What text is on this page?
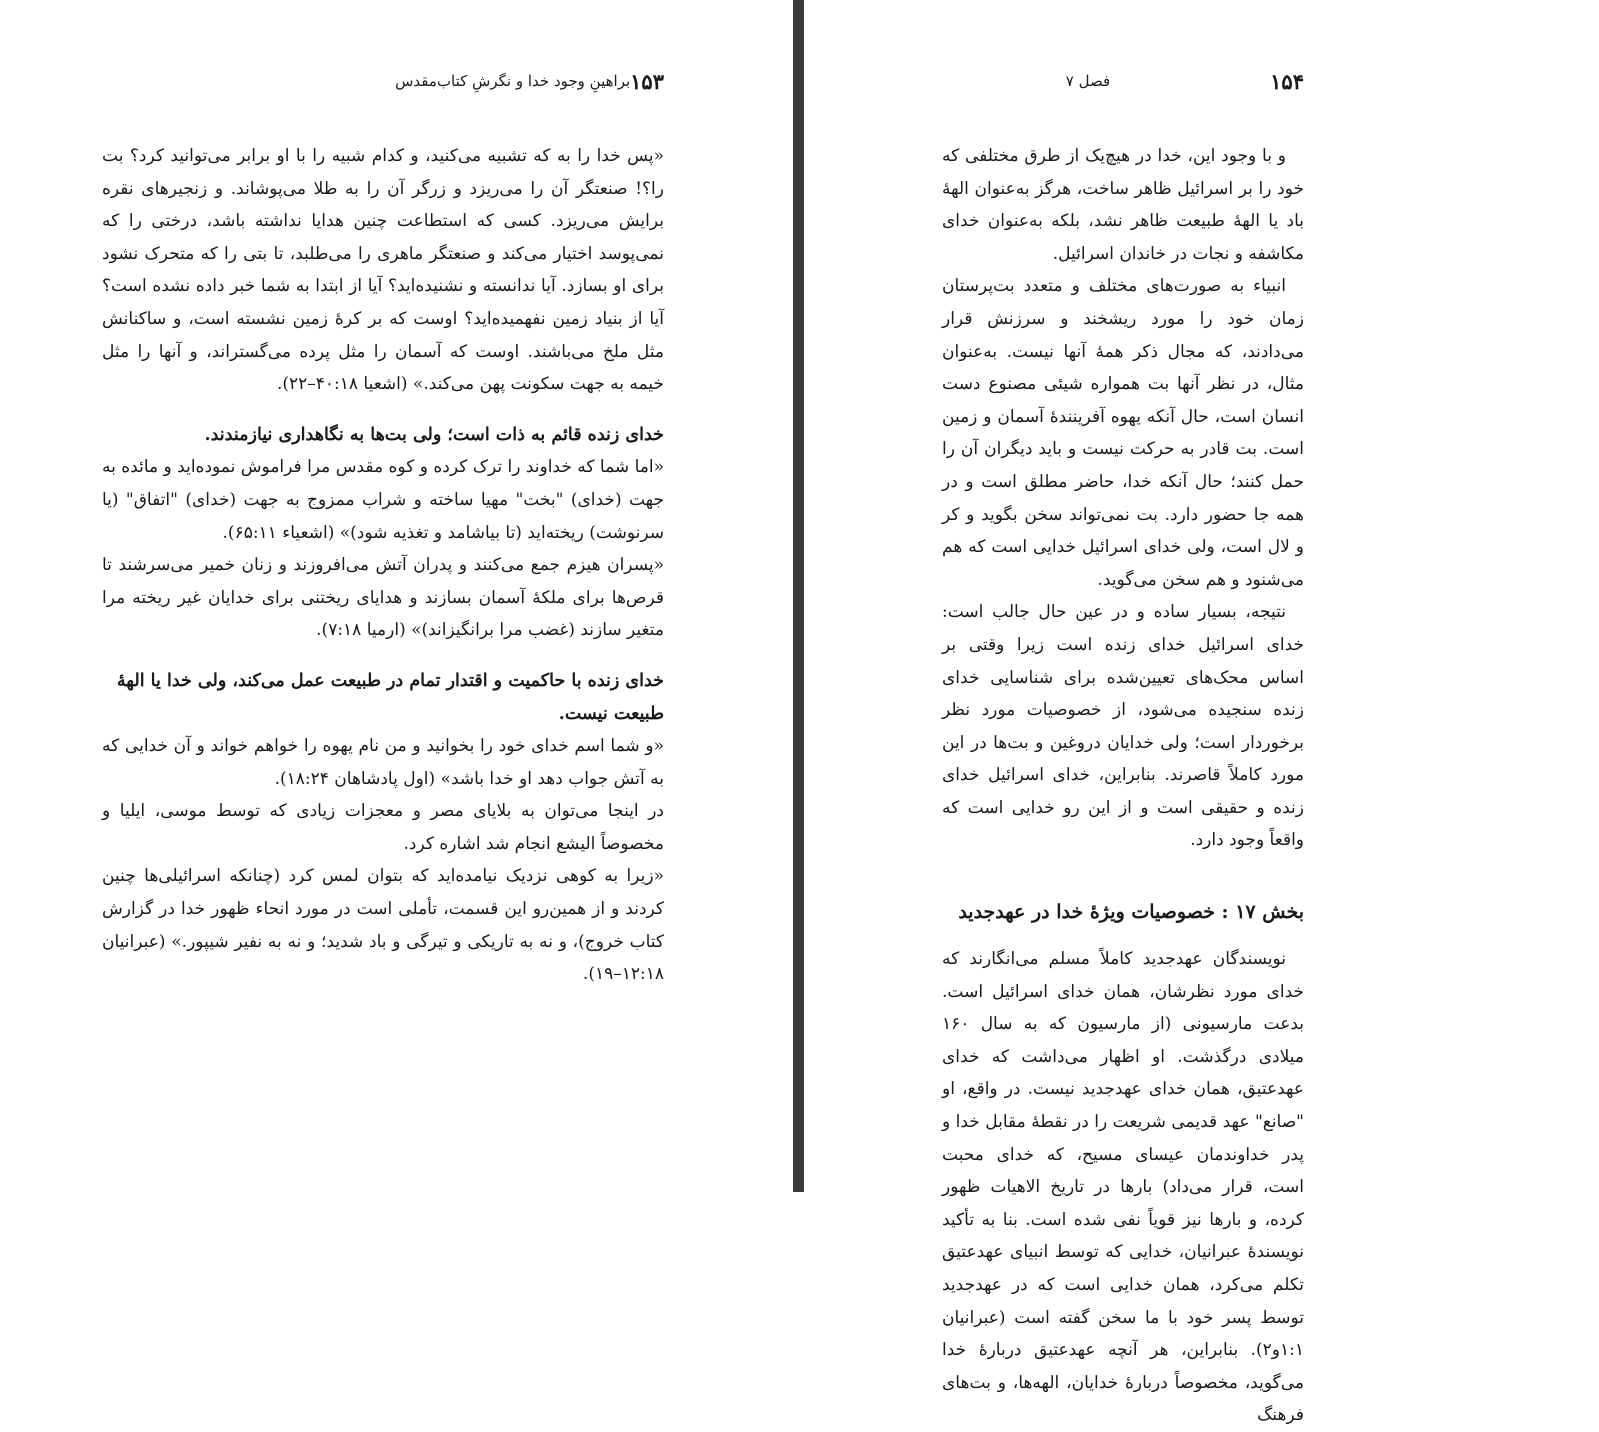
۱۵۳
براهینِ وجود خدا و نگرشِ کتاب‌مقدس

«پس خدا را به که تشبیه می‌کنید، و کدام شبیه را با او برابر می‌توانید کرد؟ بت را؟! صنعتگر آن را می‌ریزد و زرگر آن را به طلا می‌پوشاند. و زنجیرهای نقره برایش می‌ریزد. کسی که استطاعت چنین هدایا نداشته باشد، درختی را که نمی‌پوسد اختیار می‌کند و صنعتگر ماهری را می‌طلبد، تا بتی را که متحرک نشود برای او بسازد. آیا ندانسته و نشنیده‌اید؟ آیا از ابتدا به شما خبر داده نشده است؟ آیا از بنیاد زمین نفهمیده‌اید؟ اوست که بر کرهٔ زمین نشسته است، و ساکنانش مثل ملخ می‌باشند. اوست که آسمان را مثل پرده می‌گستراند، و آنها را مثل خیمه به جهت سکونت پهن می‌کند.» (اشعیا ۴۰:۱۸–۲۲).

خدای زنده قائم به ذات است؛ ولی بت‌ها به نگاهداری نیازمندند.

«اما شما که خداوند را ترک کرده و کوه مقدس مرا فراموش نموده‌اید و مائده به جهت (خدای) "بخت" مهیا ساخته و شراب ممزوج به جهت (خدای) "اتفاق" (یا سرنوشت) ریخته‌اید (تا بیاشامد و تغذیه شود)» (اشعیاء ۶۵:۱۱).

«پسران هیزم جمع می‌کنند و پدران آتش می‌افروزند و زنان خمیر می‌سرشند تا قرص‌ها برای ملکهٔ آسمان بسازند و هدایای ریختنی برای خدایان غیر ریخته مرا متغیر سازند (غضب مرا برانگیزاند)» (ارمیا ۷:۱۸).

خدای زنده با حاکمیت و اقتدار تمام در طبیعت عمل می‌کند، ولی خدا یا الههٔ طبیعت نیست.

«و شما اسم خدای خود را بخوانید و من نام یهوه را خواهم خواند و آن خدایی که به آتش جواب دهد او خدا باشد» (اول پادشاهان ۱۸:۲۴).

در اینجا می‌توان به بلایای مصر و معجزات زیادی که توسط موسی، ایلیا و مخصوصاً الیشع انجام شد اشاره کرد.

«زیرا به کوهی نزدیک نیامده‌اید که بتوان لمس کرد (چنانکه اسرائیلی‌ها چنین کردند و از همین‌رو این قسمت، تأملی است در مورد انحاء ظهور خدا در گزارش کتاب خروج)، و نه به تاریکی و تیرگی و باد شدید؛ و نه به نفیر شیپور.» (عبرانیان ۱۲:۱۸–۱۹).

۱۵۴
فصل ۷

و با وجود این، خدا در هیچ‌یک از طرق مختلفی که خود را بر اسرائیل ظاهر ساخت، هرگز به‌عنوان الههٔ باد یا الههٔ طبیعت ظاهر نشد، بلکه به‌عنوان خدای مکاشفه و نجات در خاندان اسرائیل.

انبیاء به صورت‌های مختلف و متعدد بت‌پرستان زمان خود را مورد ریشخند و سرزنش قرار می‌دادند، که مجال ذکر همهٔ آنها نیست. به‌عنوان مثال، در نظر آنها بت همواره شیئی مصنوع دست انسان است، حال آنکه یهوه آفرینندهٔ آسمان و زمین است. بت قادر به حرکت نیست و باید دیگران آن را حمل کنند؛ حال آنکه خدا، حاضر مطلق است و در همه جا حضور دارد. بت نمی‌تواند سخن بگوید و کر و لال است، ولی خدای اسرائیل خدایی است که هم می‌شنود و هم سخن می‌گوید.

نتیجه، بسیار ساده و در عین حال جالب است: خدای اسرائیل خدای زنده است زیرا وقتی بر اساس محک‌های تعیین‌شده برای شناسایی خدای زنده سنجیده می‌شود، از خصوصیات مورد نظر برخوردار است؛ ولی خدایان دروغین و بت‌ها در این مورد کاملاً قاصرند. بنابراین، خدای اسرائیل خدای زنده و حقیقی است و از این رو خدایی است که واقعاً وجود دارد.

بخش ۱۷ : خصوصیات ویژهٔ خدا در عهدجدید

نویسندگان عهدجدید کاملاً مسلم می‌انگارند که خدای مورد نظرشان، همان خدای اسرائیل است. بدعت مارسیونی (از مارسیون که به سال ۱۶۰ میلادی درگذشت. او اظهار می‌داشت که خدای عهدعتیق، همان خدای عهدجدید نیست. در واقع، او "صانع" عهد قدیمی شریعت را در نقطهٔ مقابل خدا و پدر خداوندمان عیسای مسیح، که خدای محبت است، قرار می‌داد) بارها در تاریخ الاهیات ظهور کرده، و بارها نیز قویاً نفی شده است. بنا به تأکید نویسندهٔ عبرانیان، خدایی که توسط انبیای عهدعتیق تکلم می‌کرد، همان خدایی است که در عهدجدید توسط پسر خود با ما سخن گفته است (عبرانیان ۱:۱و۲). بنابراین، هر آنچه عهدعتیق دربارهٔ خدا می‌گوید، مخصوصاً دربارهٔ خدایان، الهه‌ها، و بت‌های فرهنگ
